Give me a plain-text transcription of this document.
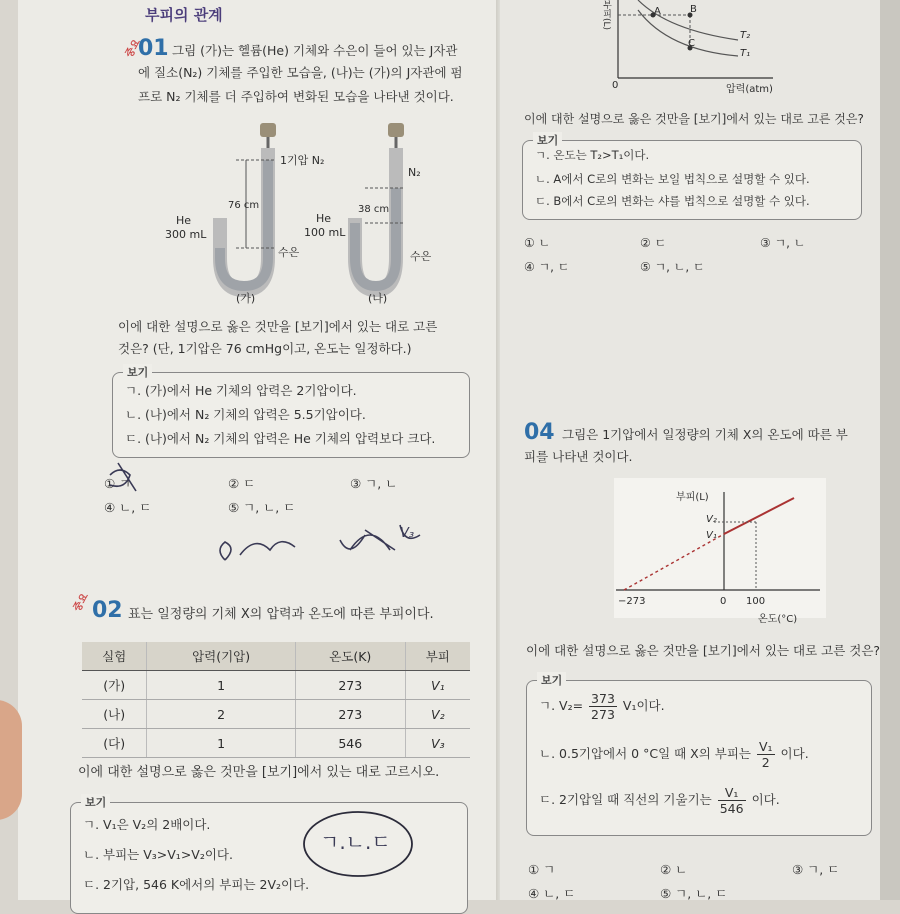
부피의 관계
중요
01 그림 (가)는 헬륨(He) 기체와 수은이 들어 있는 J자관
에 질소(N₂) 기체를 주입한 모습을, (나)는 (가)의 J자관에 펌
프로 N₂ 기체를 더 주입하여 변화된 모습을 나타낸 것이다.
1기압 N₂
He
300 mL
76 cm
수은
(가)
N₂
He
100 mL
38 cm
수은
(나)
이에 대한 설명으로 옳은 것만을 [보기]에서 있는 대로 고른
것은? (단, 1기압은 76 cmHg이고, 온도는 일정하다.)
보기
ㄱ. (가)에서 He 기체의 압력은 2기압이다.
ㄴ. (나)에서 N₂ 기체의 압력은 5.5기압이다.
ㄷ. (나)에서 N₂ 기체의 압력은 He 기체의 압력보다 크다.
① ㄱ	② ㄷ	③ ㄱ, ㄴ
④ ㄴ, ㄷ	⑤ ㄱ, ㄴ, ㄷ
V₃
중요 02 표는 일정량의 기체 X의 압력과 온도에 따른 부피이다.
실험	압력(기압)	온도(K)	부피
(가)	1	273	V₁
(나)	2	273	V₂
(다)	1	546	V₃
이에 대한 설명으로 옳은 것만을 [보기]에서 있는 대로 고르시오.
보기
ㄱ. V₁은 V₂의 2배이다.
ㄴ. 부피는 V₃>V₁>V₂이다.
ㄷ. 2기압, 546 K에서의 부피는 2V₂이다.
ㄱ.ㄴ.ㄷ
부피(L)
0	압력(atm)
A	B
C
T₂
T₁
이에 대한 설명으로 옳은 것만을 [보기]에서 있는 대로 고른 것은?
보기
ㄱ. 온도는 T₂>T₁이다.
ㄴ. A에서 C로의 변화는 보일 법칙으로 설명할 수 있다.
ㄷ. B에서 C로의 변화는 샤를 법칙으로 설명할 수 있다.
① ㄴ	② ㄷ	③ ㄱ, ㄴ
④ ㄱ, ㄷ	⑤ ㄱ, ㄴ, ㄷ
04 그림은 1기압에서 일정량의 기체 X의 온도에 따른 부
피를 나타낸 것이다.
부피(L)
V₂
V₁
−273	0 100
온도(°C)
이에 대한 설명으로 옳은 것만을 [보기]에서 있는 대로 고른 것은?
보기
ㄱ. $V_2= \frac{373}{273} V_1$이다.
ㄴ. 0.5기압에서 0 °C일 때 X의 부피는 $\frac{\text{V₁}}{2}$ 이다.
ㄷ. 2기압일 때 직선의 기울기는 $\frac{\text{V₁}}{546}$ 이다.
① ㄱ	② ㄴ	③ ㄱ, ㄷ
④ ㄴ, ㄷ	⑤ ㄱ, ㄴ, ㄷ
